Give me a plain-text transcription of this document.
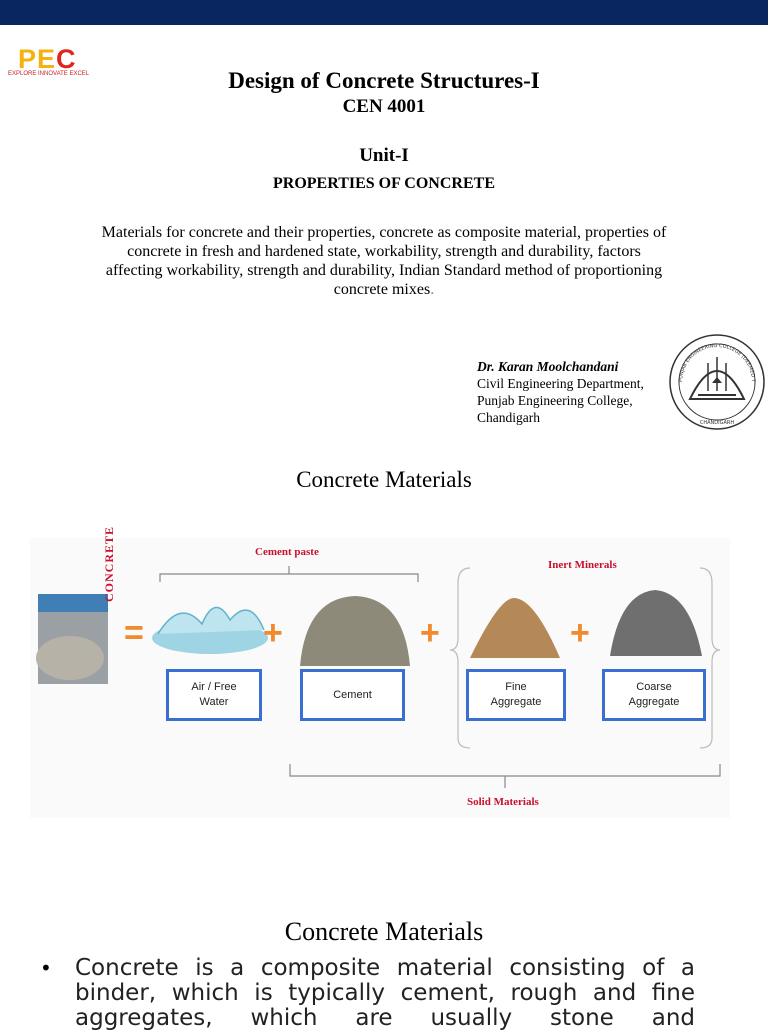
PEC
EXPLORE INNOVATE EXCEL	Design of Concrete Structures-I
CEN 4001
Unit-I
PROPERTIES OF CONCRETE
Materials for concrete and their properties, concrete as composite material, properties of concrete in fresh and hardened state, workability, strength and durability, factors affecting workability, strength and durability, Indian Standard method of proportioning concrete mixes.
Dr. Karan Moolchandani
Civil Engineering Department,
Punjab Engineering College,
Chandigarh
PUNJAB ENGINEERING COLLEGE (DEEMED T
CHANDIGARH
Concrete Materials
CONCRETE
=	+	+	+
Cement paste
Inert Minerals
Solid Materials
Air / Free
Water
Cement
Fine
Aggregate
Coarse
Aggregate
Concrete Materials
• Concrete is a composite material consisting of a binder, which is typically cement, rough and fine aggregates, which are usually stone and
